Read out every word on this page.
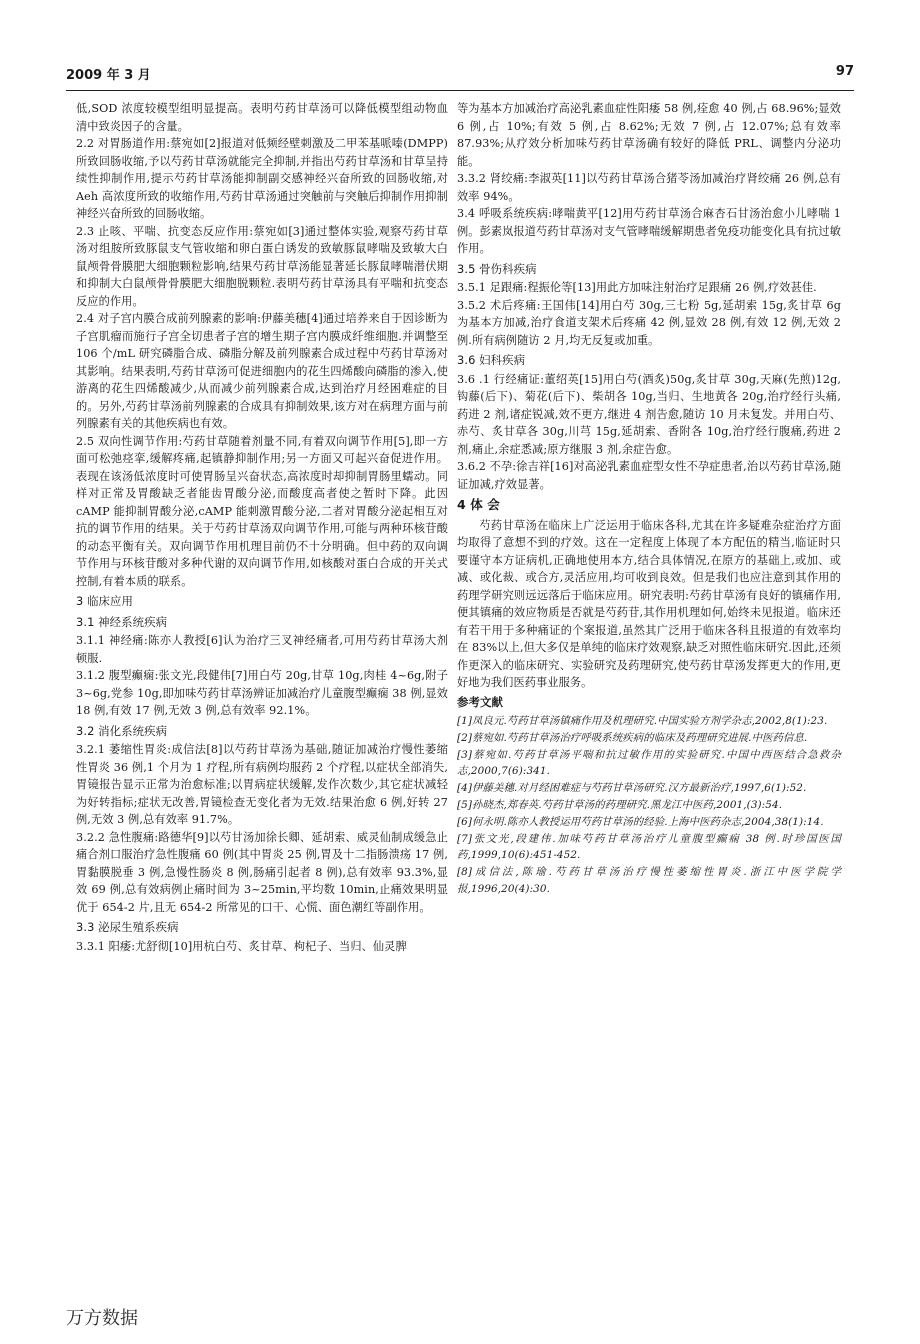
2009 年 3 月	97

低,SOD 浓度较模型组明显提高。表明芍药甘草汤可以降低模型组动物血清中致炎因子的含量。

2.2 对胃肠道作用:蔡宛如[2]报道对低频经壁刺激及二甲苯基哌嗪(DMPP)所致回肠收缩,予以芍药甘草汤就能完全抑制,并指出芍药甘草汤和甘草呈持续性抑制作用,提示芍药甘草汤能抑制副交感神经兴奋所致的回肠收缩,对 Aeh 高浓度所致的收缩作用,芍药甘草汤通过突触前与突触后抑制作用抑制神经兴奋所致的回肠收缩。

2.3 止咳、平喘、抗变态反应作用:蔡宛如[3]通过整体实验,观察芍药甘草汤对组胺所致豚鼠支气管收缩和卵白蛋白诱发的致敏豚鼠哮喘及致敏大白鼠颅骨骨膜肥大细胞颗粒影响,结果芍药甘草汤能显著延长豚鼠哮喘潜伏期和抑制大白鼠颅骨骨膜肥大细胞脱颗粒.表明芍药甘草汤具有平喘和抗变态反应的作用。

2.4 对子宫内膜合成前列腺素的影响:伊藤美穗[4]通过培养来自于因诊断为子宫肌瘤而施行子宫全切患者子宫的增生期子宫内膜成纤维细胞.并调整至 106 个/mL 研究磷脂合成、磷脂分解及前列腺素合成过程中芍药甘草汤对其影响。结果表明,芍药甘草汤可促进细胞内的花生四烯酸向磷脂的渗入,使游离的花生四烯酸减少,从而减少前列腺素合成,达到治疗月经困难症的目的。另外,芍药甘草汤前列腺素的合成具有抑制效果,该方对在病理方面与前列腺素有关的其他疾病也有效。

2.5 双向性调节作用:芍药甘草随着剂量不同,有着双向调节作用[5],即一方面可松弛痉挛,缓解疼痛,起镇静抑制作用;另一方面又可起兴奋促进作用。表现在该汤低浓度时可使胃肠呈兴奋状态,高浓度时却抑制胃肠里蠕动。同样对正常及胃酸缺乏者能齿胃酸分泌,而酸度高者使之暂时下降。此因 cAMP 能抑制胃酸分泌,cAMP 能刺激胃酸分泌,二者对胃酸分泌起相互对抗的调节作用的结果。关于芍药甘草汤双向调节作用,可能与两种环核苷酸的动态平衡有关。双向调节作用机理目前仍不十分明确。但中药的双向调节作用与环核苷酸对多种代谢的双向调节作用,如核酸对蛋白合成的开关式控制,有着本质的联系。

3 临床应用
3.1 神经系统疾病

3.1.1 神经痛:陈亦人教授[6]认为治疗三叉神经痛者,可用芍药甘草汤大剂顿服.

3.1.2 腹型癫痫:张文光,段健伟[7]用白芍 20g,甘草 10g,肉桂 4~6g,附子 3~6g,党参 10g,即加味芍药甘草汤辨证加减治疗儿童腹型癫痫 38 例,显效 18 例,有效 17 例,无效 3 例,总有效率 92.1%。

3.2 消化系统疾病

3.2.1 萎缩性胃炎:成信法[8]以芍药甘草汤为基础,随证加减治疗慢性萎缩性胃炎 36 例,1 个月为 1 疗程,所有病例均服药 2 个疗程,以症状全部消失,胃镜报告显示正常为治愈标准;以胃病症状缓解,发作次数少,其它症状减轻为好转指标;症状无改善,胃镜检查无变化者为无效.结果治愈 6 例,好转 27 例,无效 3 例,总有效率 91.7%。

3.2.2 急性腹痛:路德华[9]以芍甘汤加徐长卿、延胡索、威灵仙制成缓急止痛合剂口服治疗急性腹痛 60 例(其中胃炎 25 例,胃及十二指肠溃疡 17 例,胃黏膜脱垂 3 例,急慢性肠炎 8 例,肠痛引起者 8 例),总有效率 93.3%,显效 69 例,总有效病例止痛时间为 3~25min,平均数 10min,止痛效果明显优于 654-2 片,且无 654-2 所常见的口干、心慌、面色潮红等副作用。

3.3 泌尿生殖系疾病

3.3.1 阳痿:尤舒彻[10]用杭白芍、炙甘草、枸杞子、当归、仙灵脾

等为基本方加减治疗高泌乳素血症性阳痿 58 例,痊愈 40 例,占 68.96%;显效 6 例,占 10%;有效 5 例,占 8.62%;无效 7 例,占 12.07%;总有效率 87.93%;从疗效分析加味芍药甘草汤确有较好的降低 PRL、调整内分泌功能。

3.3.2 肾绞痛:李淑英[11]以芍药甘草汤合猪苓汤加减治疗肾绞痛 26 例,总有效率 94%。

3.4 呼吸系统疾病:哮喘黄平[12]用芍药甘草汤合麻杏石甘汤治愈小儿哮喘 1 例。彭素岚报道芍药甘草汤对支气管哮喘缓解期患者免疫功能变化具有抗过敏作用。

3.5 骨伤科疾病

3.5.1 足跟痛:程振伦等[13]用此方加味注射治疗足跟痛 26 例,疗效甚佳.

3.5.2 术后疼痛:王国伟[14]用白芍 30g,三七粉 5g,延胡索 15g,炙甘草 6g 为基本方加减,治疗食道支架术后疼痛 42 例,显效 28 例,有效 12 例,无效 2 例.所有病例随访 2 月,均无反复或加重。

3.6 妇科疾病

3.6 .1 行经痛证:董绍英[15]用白芍(酒炙)50g,炙甘草 30g,天麻(先煎)12g,钩藤(后下)、菊花(后下)、柴胡各 10g,当归、生地黄各 20g,治疗经行头痛,药进 2 剂,诸症锐减,效不更方,继进 4 剂告愈,随访 10 月未复发。并用白芍、赤芍、炙甘草各 30g,川芎 15g,延胡索、香附各 10g,治疗经行腹痛,药进 2 剂,痛止,余症悉减;原方继服 3 剂,余症告愈。

3.6.2 不孕:徐吉祥[16]对高泌乳素血症型女性不孕症患者,治以芍药甘草汤,随证加减,疗效显著。

4 体 会

芍药甘草汤在临床上广泛运用于临床各科,尤其在许多疑难杂症治疗方面均取得了意想不到的疗效。这在一定程度上体现了本方配伍的精当,临证时只要谨守本方证病机,正确地使用本方,结合具体情况,在原方的基础上,或加、或减、或化裁、或合方,灵活应用,均可收到良效。但是我们也应注意到其作用的药理学研究则远远落后于临床应用。研究表明:芍药甘草汤有良好的镇痛作用,便其镇痛的效应物质是否就是芍药苷,其作用机理如何,始终未见报道。临床还有若干用于多种痛证的个案报道,虽然其广泛用于临床各科且报道的有效率均在 83%以上,但大多仅是单纯的临床疗效观察,缺乏对照性临床研究.因此,还须作更深入的临床研究、实验研究及药理研究,使芍药甘草汤发挥更大的作用,更好地为我们医药事业服务。

参考文献

[1]凤良元.芍药甘草汤镇痛作用及机理研究.中国实验方剂学杂志,2002,8(1):23.

[2]蔡宛如.芍药甘草汤治疗呼吸系统疾病的临床及药理研究进展.中医药信息.

[3]蔡宛如.芍药甘草汤平喘和抗过敏作用的实验研究.中国中西医结合急救杂志,2000,7(6):341.

[4]伊藤美穗.对月经困难症与芍药甘草汤研究.汉方最新治疗,1997,6(1):52.

[5]孙晓杰,郑春英.芍药甘草汤的药理研究.黑龙江中医药,2001,(3):54.

[6]何永明.陈亦人教授运用芍药甘草汤的经验.上海中医药杂志,2004,38(1):14.

[7]张文光,段建伟.加味芍药甘草汤治疗儿童腹型癫痫 38 例.时珍国医国药,1999,10(6):451-452.

[8]成信法,陈瑜.芍药甘草汤治疗慢性萎缩性胃炎.浙江中医学院学报,1996,20(4):30.

万方数据
